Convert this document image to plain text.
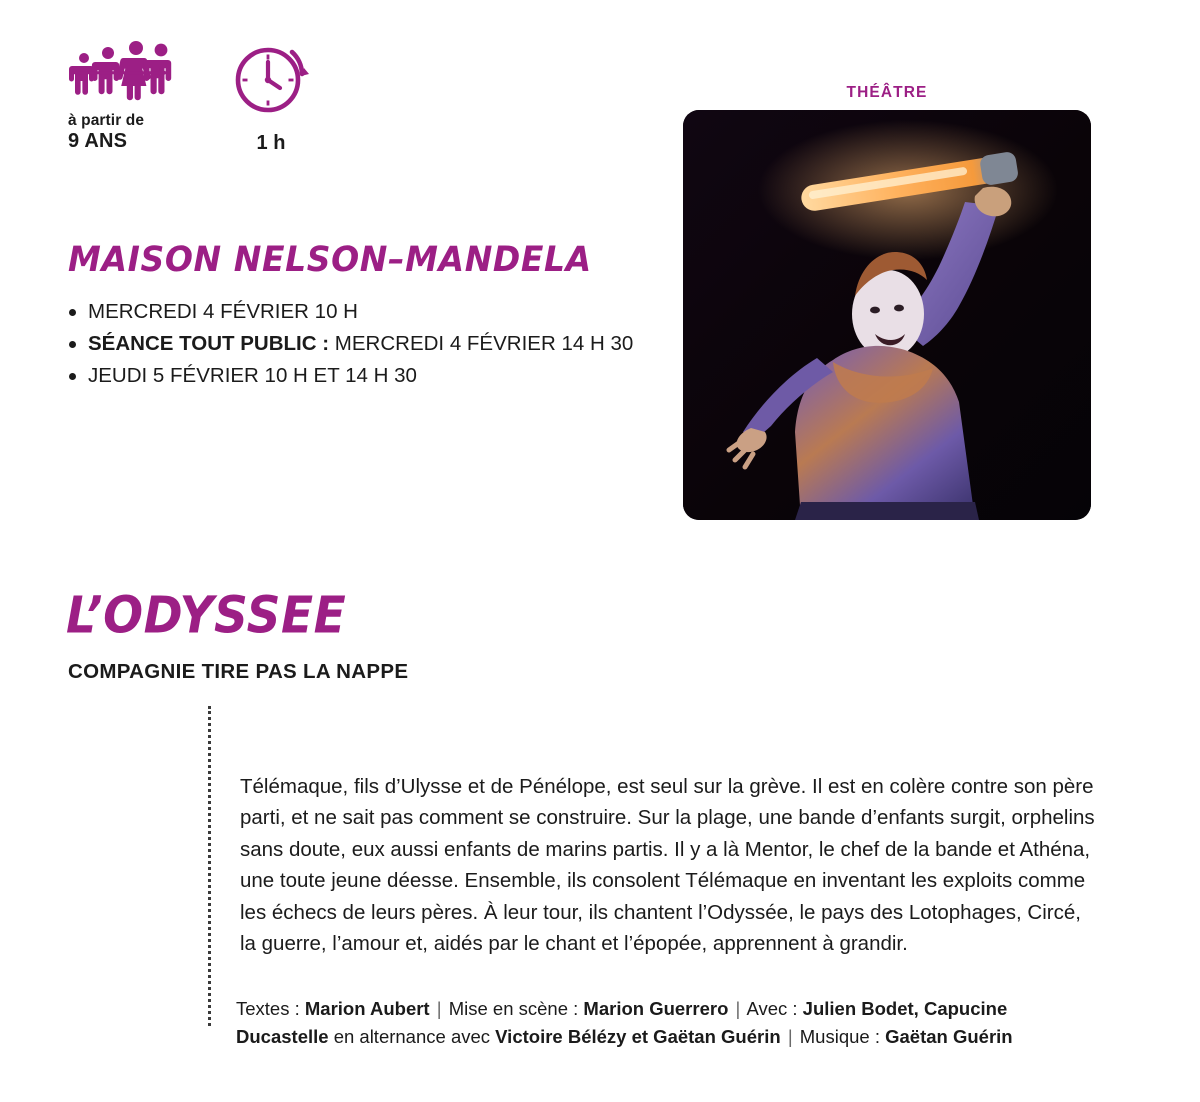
à partir de
9 ANS	1 h
THÉÂTRE
MAISON NELSON–MANDELA
MERCREDI 4 FÉVRIER 10 H
SÉANCE TOUT PUBLIC : MERCREDI 4 FÉVRIER 14 H 30
JEUDI 5 FÉVRIER 10 H ET 14 H 30
L’ODYSSEE
COMPAGNIE TIRE PAS LA NAPPE

Télémaque, fils d’Ulysse et de Pénélope, est seul sur la grève. Il est en colère contre son père parti, et ne sait pas comment se construire. Sur la plage, une bande d’enfants surgit, orphelins sans doute, eux aussi enfants de marins partis. Il y a là Mentor, le chef de la bande et Athéna, une toute jeune déesse. Ensemble, ils consolent Télémaque en inventant les exploits comme les échecs de leurs pères. À leur tour, ils chantent l’Odyssée, le pays des Lotophages, Circé, la guerre, l’amour et, aidés par le chant et l’épopée, apprennent à grandir.

Textes : Marion Aubert | Mise en scène : Marion Guerrero | Avec : Julien Bodet, Capucine Ducastelle en alternance avec Victoire Bélézy et Gaëtan Guérin | Musique : Gaëtan Guérin
